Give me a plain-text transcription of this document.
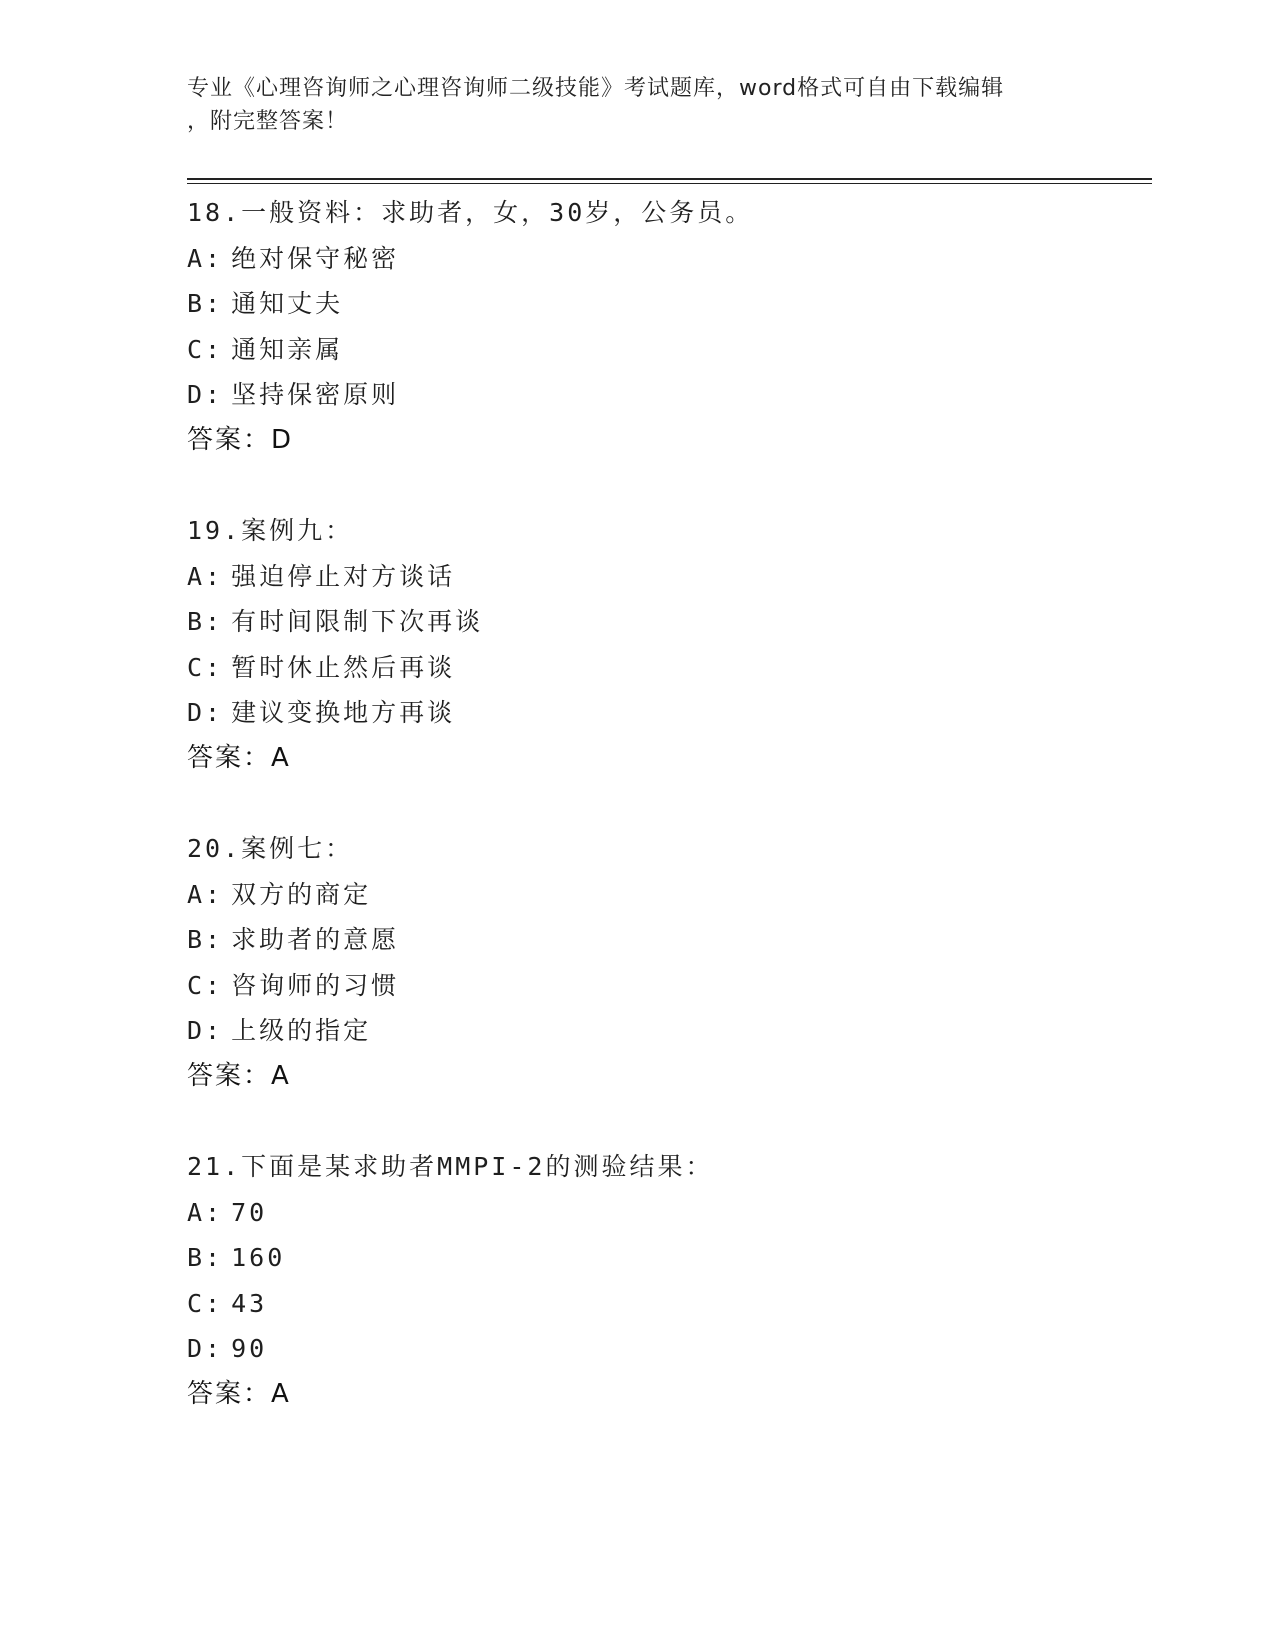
专业《心理咨询师之心理咨询师二级技能》考试题库，word格式可自由下载编辑
，附完整答案！
18.一般资料：求助者，女，30岁，公务员。
A: 绝对保守秘密
B: 通知丈夫
C: 通知亲属
D: 坚持保密原则
答案：D
19.案例九：
A: 强迫停止对方谈话
B: 有时间限制下次再谈
C: 暂时休止然后再谈
D: 建议变换地方再谈
答案：A
20.案例七：
A: 双方的商定
B: 求助者的意愿
C: 咨询师的习惯
D: 上级的指定
答案：A
21.下面是某求助者MMPI-2的测验结果：
A: 70
B: 160
C: 43
D: 90
答案：A
